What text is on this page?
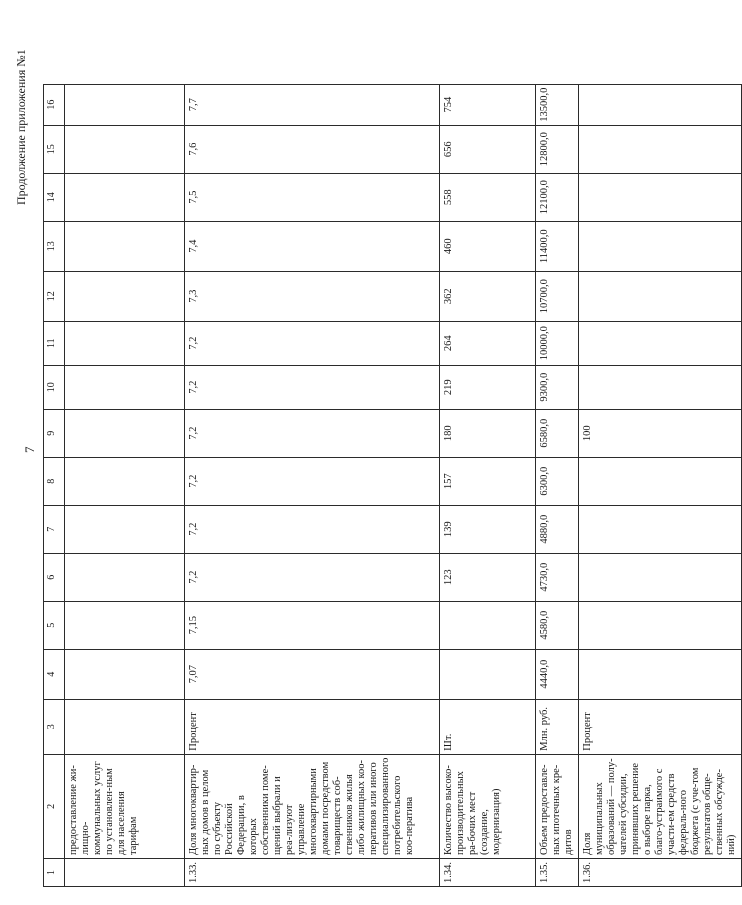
7
Продолжение приложения №1
1	2	3	4	5	6	7	8	9	10	11	12	13	14	15	16
	предоставление жи-лищно-коммунальных услуг по установлен-ным для населения тарифам														
1.33.	Доля многоквартир-ных домов в целом по субъекту Российской Федерации, в которых собственники поме-щений выбрали и реа-лизуют управление многоквартирными домами посредством товариществ соб-ственников жилья либо жилищных коо-перативов или иного специализированного потребительского коо-ператива	Процент	7,07	7,15	7,2	7,2	7,2	7,2	7,2	7,2	7,3	7,4	7,5	7,6	7,7
1.34.	Количество высоко-производительных ра-бочих мест (создание, модернизация)	Шт.			123	139	157	180	219	264	362	460	558	656	754
1.35.	Объем предоставле-ных ипотечных кре-дитов	Млн. руб.	4440,0	4580,0	4730,0	4880,0	6300,0	6580,0	9300,0	10000,0	10700,0	11400,0	12100,0	12800,0	13500,0
1.36.	Доля муниципальных образований — полу-чателей субсидии, принявших решение о выборе парка, благо-устраимого с участи-ем средств федераль-ного бюджета (с уче-том результатов обще-ственных обсужде-ний)	Процент						100							
